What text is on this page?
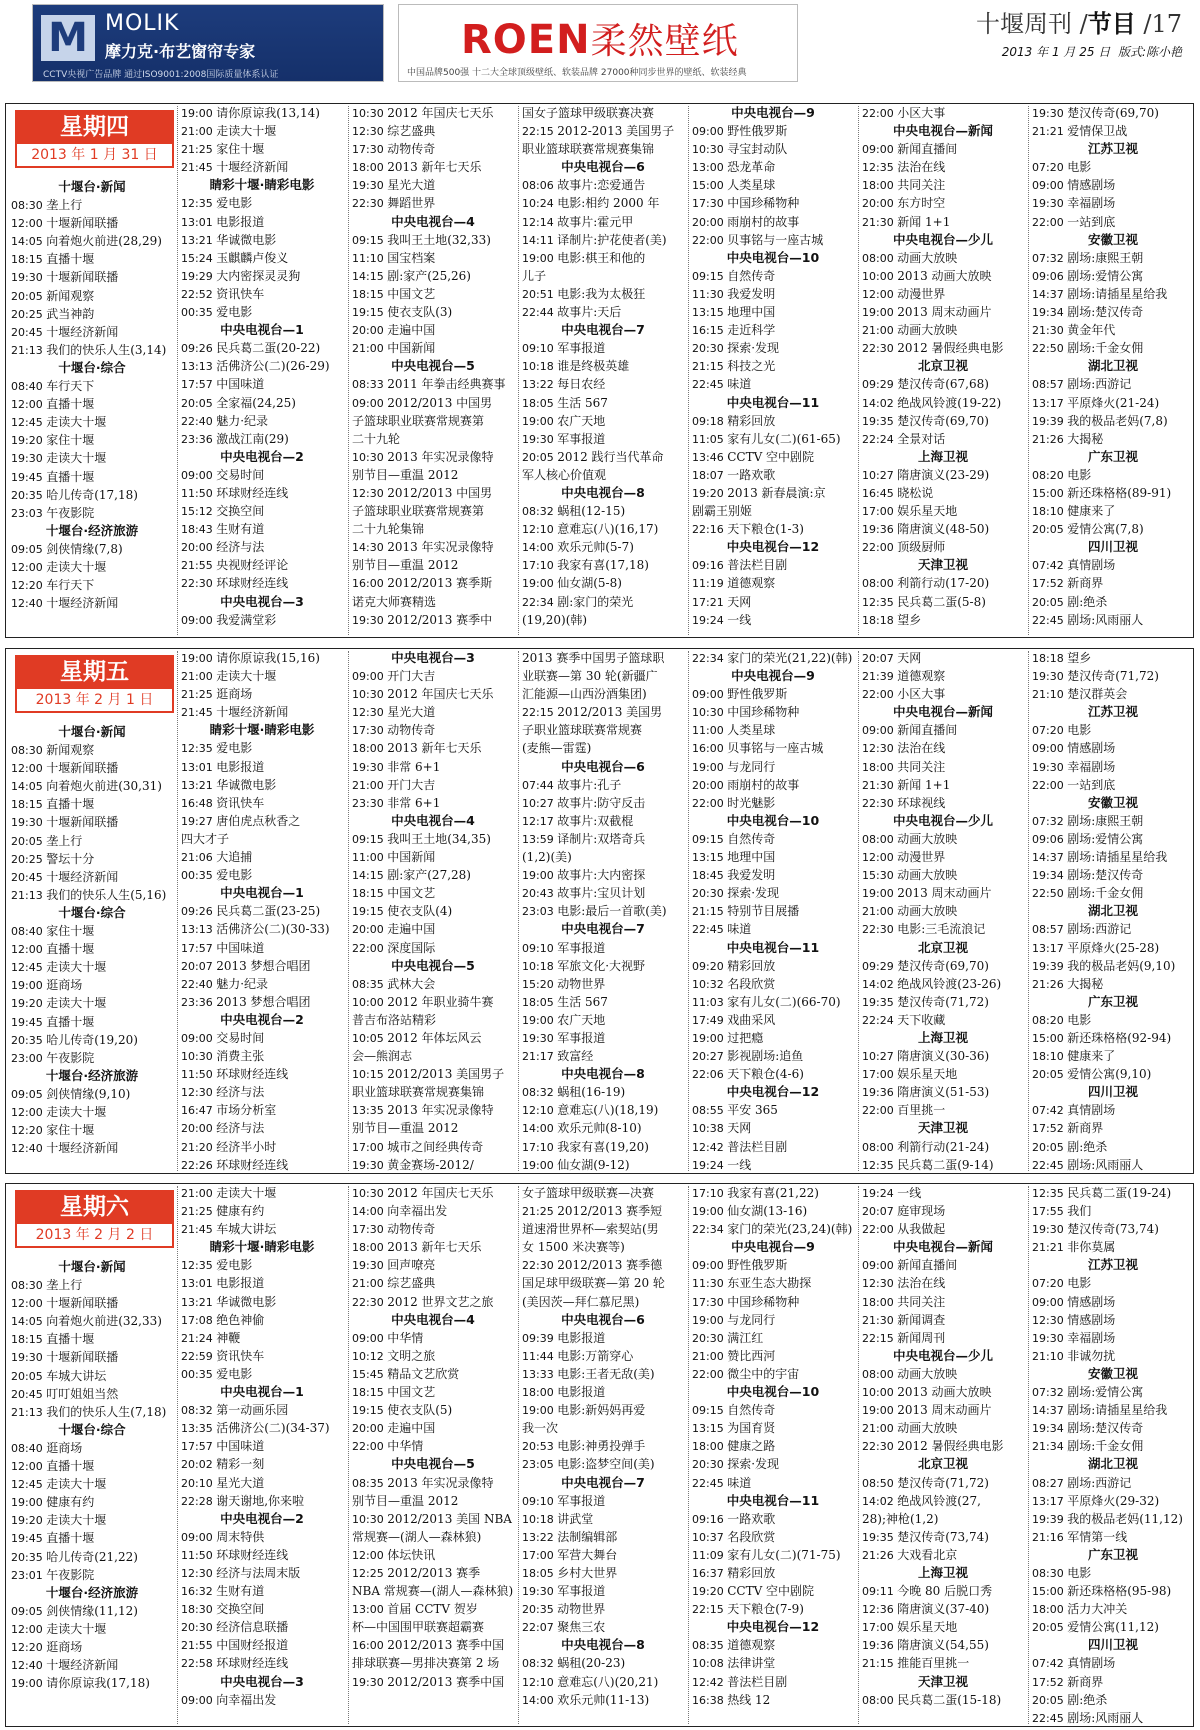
M MOLIK
摩力克·布艺窗帘专家
CCTV央视广告品牌 通过ISO9001:2008国际质量体系认证
ROEN柔然壁纸
中国品牌500强 十二大全球顶级壁纸、软装品牌 27000种同步世界的壁纸、软装经典
十堰周刊 /节目 /17
2013 年 1 月 25 日 版式:陈小艳
星期四
2013 年 1 月 31 日
十堰台·新闻
08:30 垄上行
12:00 十堰新闻联播
14:05 向着炮火前进(28,29)
18:15 直播十堰
19:30 十堰新闻联播
20:05 新闻观察
20:25 武当神韵
20:45 十堰经济新闻
21:13 我们的快乐人生(3,14)
十堰台·综合
08:40 车行天下
12:00 直播十堰
12:45 走读大十堰
19:20 家住十堰
19:30 走读大十堰
19:45 直播十堰
20:35 哈儿传奇(17,18)
23:03 午夜影院
十堰台·经济旅游
09:05 剑侠情缘(7,8)
12:00 走读大十堰
12:20 车行天下
12:40 十堰经济新闻
19:00 请你原谅我(13,14)
21:00 走读大十堰
21:25 家住十堰
21:45 十堰经济新闻
睛彩十堰·睛彩电影
12:35 爱电影
13:01 电影报道
13:21 华诚微电影
15:24 玉麒麟卢俊义
19:29 大内密探灵灵狗
22:52 资讯快车
00:35 爱电影
中央电视台—1
09:26 民兵葛二蛋(20-22)
13:13 活佛济公(二)(26-29)
17:57 中国味道
20:05 全家福(24,25)
22:40 魅力·纪录
23:36 激战江南(29)
中央电视台—2
09:00 交易时间
11:50 环球财经连线
15:12 交换空间
18:43 生财有道
20:00 经济与法
21:55 央视财经评论
22:30 环球财经连线
中央电视台—3
09:00 我爱满堂彩
10:30 2012 年国庆七天乐
12:30 综艺盛典
17:30 动物传奇
18:00 2013 新年七天乐
19:30 星光大道
22:30 舞蹈世界
中央电视台—4
09:15 我叫王土地(32,33)
11:10 国宝档案
14:15 剧:家产(25,26)
18:15 中国文艺
19:15 使衣支队(3)
20:00 走遍中国
21:00 中国新闻
中央电视台—5
08:33 2011 年拳击经典赛事
09:00 2012/2013 中国男
子篮球职业联赛常规赛第
二十九轮
10:30 2013 年实况录像特
别节目—重温 2012
12:30 2012/2013 中国男
子篮球职业联赛常规赛第
二十九轮集锦
14:30 2013 年实况录像特
别节目—重温 2012
16:00 2012/2013 赛季斯
诺克大师赛精选
19:30 2012/2013 赛季中
国女子篮球甲级联赛决赛
22:15 2012-2013 美国男子
职业篮球联赛常规赛集锦
中央电视台—6
08:06 故事片:恋爱通告
10:24 电影:相约 2000 年
12:14 故事片:霍元甲
14:11 译制片:护花使者(美)
19:00 电影:棋王和他的
儿子
20:51 电影:我为太极狂
22:44 故事片:天后
中央电视台—7
09:10 军事报道
10:18 谁是终极英雄
13:22 每日农经
18:05 生活 567
19:00 农广天地
19:30 军事报道
20:05 2012 践行当代革命
军人核心价值观
中央电视台—8
08:32 蜗租(12-15)
12:10 意难忘(八)(16,17)
14:00 欢乐元帅(5-7)
17:10 我家有喜(17,18)
19:00 仙女湖(5-8)
22:34 剧:家门的荣光
(19,20)(韩)
中央电视台—9
09:00 野性俄罗斯
10:30 寻宝封动队
13:00 恐龙革命
15:00 人类星球
17:30 中国珍稀物种
20:00 雨崩村的故事
22:00 贝事铭与一座古城
中央电视台—10
09:15 自然传奇
11:30 我爱发明
13:15 地理中国
16:15 走近科学
20:30 探索·发现
21:15 科技之光
22:45 味道
中央电视台—11
09:18 精彩回放
11:05 家有儿女(二)(61-65)
13:46 CCTV 空中剧院
18:07 一路欢歌
19:20 2013 新春晨演:京
剧霸王别姬
22:16 天下粮仓(1-3)
中央电视台—12
09:16 普法栏目剧
11:19 道德观察
17:21 天网
19:24 一线
22:00 小区大事
中央电视台—新闻
09:00 新闻直播间
12:35 法治在线
18:00 共同关注
20:00 东方时空
21:30 新闻 1+1
中央电视台—少儿
08:00 动画大放映
10:00 2013 动画大放映
12:00 动漫世界
19:00 2013 周末动画片
21:00 动画大放映
22:30 2012 暑假经典电影
北京卫视
09:29 楚汉传奇(67,68)
14:02 绝战风铃渡(19-22)
19:35 楚汉传奇(69,70)
22:24 全景对话
上海卫视
10:27 隋唐演义(23-29)
16:45 晓松说
17:00 娱乐星天地
19:36 隋唐演义(48-50)
22:00 顶级厨师
天津卫视
08:00 利箭行动(17-20)
12:35 民兵葛二蛋(5-8)
18:18 望乡
19:30 楚汉传奇(69,70)
21:21 爱情保卫战
江苏卫视
07:20 电影
09:00 情感剧场
19:30 幸福剧场
22:00 一站到底
安徽卫视
07:32 剧场:康熙王朝
09:06 剧场:爱情公寓
14:37 剧场:请插星星给我
19:34 剧场:楚汉传奇
21:30 黄金年代
22:50 剧场:千金女佣
湖北卫视
08:57 剧场:西游记
13:17 平原烽火(21-24)
19:39 我的极品老妈(7,8)
21:26 大揭秘
广东卫视
08:20 电影
15:00 新还珠格格(89-91)
18:10 健康来了
20:05 爱情公寓(7,8)
四川卫视
07:42 真情剧场
17:52 新商界
20:05 剧:绝杀
22:45 剧场:风雨丽人
星期五
2013 年 2 月 1 日
十堰台·新闻
08:30 新闻观察
12:00 十堰新闻联播
14:05 向着炮火前进(30,31)
18:15 直播十堰
19:30 十堰新闻联播
20:05 垄上行
20:25 警坛十分
20:45 十堰经济新闻
21:13 我们的快乐人生(5,16)
十堰台·综合
08:40 家住十堰
12:00 直播十堰
12:45 走读大十堰
19:00 逛商场
19:20 走读大十堰
19:45 直播十堰
20:35 哈儿传奇(19,20)
23:00 午夜影院
十堰台·经济旅游
09:05 剑侠情缘(9,10)
12:00 走读大十堰
12:20 家住十堰
12:40 十堰经济新闻
19:00 请你原谅我(15,16)
21:00 走读大十堰
21:25 逛商场
21:45 十堰经济新闻
睛彩十堰·睛彩电影
12:35 爱电影
13:01 电影报道
13:21 华诚微电影
16:48 资讯快车
19:27 唐伯虎点秋香之
四大才子
21:06 大追捕
00:35 爱电影
中央电视台—1
09:26 民兵葛二蛋(23-25)
13:13 活佛济公(二)(30-33)
17:57 中国味道
20:07 2013 梦想合唱团
22:40 魅力·纪录
23:36 2013 梦想合唱团
中央电视台—2
09:00 交易时间
10:30 消费主张
11:50 环球财经连线
12:30 经济与法
16:47 市场分析室
20:00 经济与法
21:20 经济半小时
22:26 环球财经连线
中央电视台—3
09:00 开门大吉
10:30 2012 年国庆七天乐
12:30 星光大道
17:30 动物传奇
18:00 2013 新年七天乐
19:30 非常 6+1
21:00 开门大吉
23:30 非常 6+1
中央电视台—4
09:15 我叫王土地(34,35)
11:00 中国新闻
14:15 剧:家产(27,28)
18:15 中国文艺
19:15 使衣支队(4)
20:00 走遍中国
22:00 深度国际
中央电视台—5
08:35 武林大会
10:00 2012 年职业骑牛赛
普吉布洛站精彩
10:05 2012 年体坛风云
会—熊润志
10:15 2012/2013 美国男子
职业篮球联赛常规赛集锦
13:35 2013 年实况录像特
别节目—重温 2012
17:00 城市之间经典传奇
19:30 黄金赛场-2012/
2013 赛季中国男子篮球职
业联赛—第 30 轮(新疆广
汇能源—山西汾酒集团)
22:15 2012/2013 美国男
子职业篮球联赛常规赛
(麦熊—雷霆)
中央电视台—6
07:44 故事片:孔子
10:27 故事片:防守反击
12:17 故事片:双截棍
13:59 译制片:双塔奇兵
(1,2)(美)
19:00 故事片:大内密探
20:43 故事片:宝贝计划
23:03 电影:最后一首歌(美)
中央电视台—7
09:10 军事报道
10:18 军旅文化·大视野
15:20 动物世界
18:05 生活 567
19:00 农广天地
19:30 军事报道
21:17 致富经
中央电视台—8
08:32 蜗租(16-19)
12:10 意难忘(八)(18,19)
14:00 欢乐元帅(8-10)
17:10 我家有喜(19,20)
19:00 仙女湖(9-12)
22:34 家门的荣光(21,22)(韩)
中央电视台—9
09:00 野性俄罗斯
10:30 中国珍稀物种
11:00 人类星球
16:00 贝事铭与一座古城
19:00 与龙同行
20:00 雨崩村的故事
22:00 时光魅影
中央电视台—10
09:15 自然传奇
13:15 地理中国
18:45 我爱发明
20:30 探索·发现
21:15 特别节目展播
22:45 味道
中央电视台—11
09:20 精彩回放
10:32 名段欣赏
11:03 家有儿女(二)(66-70)
17:49 戏曲采风
19:00 过把瘾
20:27 影视剧场:追鱼
22:06 天下粮仓(4-6)
中央电视台—12
08:55 平安 365
10:38 天网
12:42 普法栏目剧
19:24 一线
20:07 天网
21:39 道德观察
22:00 小区大事
中央电视台—新闻
09:00 新闻直播间
12:30 法治在线
18:00 共同关注
21:30 新闻 1+1
22:30 环球视线
中央电视台—少儿
08:00 动画大放映
12:00 动漫世界
15:30 动画大放映
19:00 2013 周末动画片
21:00 动画大放映
22:30 电影:三毛流浪记
北京卫视
09:29 楚汉传奇(69,70)
14:02 绝战风铃渡(23-26)
19:35 楚汉传奇(71,72)
22:24 天下收藏
上海卫视
10:27 隋唐演义(30-36)
17:00 娱乐星天地
19:36 隋唐演义(51-53)
22:00 百里挑一
天津卫视
08:00 利箭行动(21-24)
12:35 民兵葛二蛋(9-14)
18:18 望乡
19:30 楚汉传奇(71,72)
21:10 楚汉群英会
江苏卫视
07:20 电影
09:00 情感剧场
19:30 幸福剧场
22:00 一站到底
安徽卫视
07:32 剧场:康熙王朝
09:06 剧场:爱情公寓
14:37 剧场:请插星星给我
19:34 剧场:楚汉传奇
22:50 剧场:千金女佣
湖北卫视
08:57 剧场:西游记
13:17 平原烽火(25-28)
19:39 我的极品老妈(9,10)
21:26 大揭秘
广东卫视
08:20 电影
15:00 新还珠格格(92-94)
18:10 健康来了
20:05 爱情公寓(9,10)
四川卫视
07:42 真情剧场
17:52 新商界
20:05 剧:绝杀
22:45 剧场:风雨丽人
星期六
2013 年 2 月 2 日
十堰台·新闻
08:30 垄上行
12:00 十堰新闻联播
14:05 向着炮火前进(32,33)
18:15 直播十堰
19:30 十堰新闻联播
20:05 车城大讲坛
20:45 叮叮姐姐当然
21:13 我们的快乐人生(7,18)
十堰台·综合
08:40 逛商场
12:00 直播十堰
12:45 走读大十堰
19:00 健康有约
19:20 走读大十堰
19:45 直播十堰
20:35 哈儿传奇(21,22)
23:01 午夜影院
十堰台·经济旅游
09:05 剑侠情缘(11,12)
12:00 走读大十堰
12:20 逛商场
12:40 十堰经济新闻
19:00 请你原谅我(17,18)
21:00 走读大十堰
21:25 健康有约
21:45 车城大讲坛
睛彩十堰·睛彩电影
12:35 爱电影
13:01 电影报道
13:21 华诚微电影
17:08 绝色神偷
21:24 神鞭
22:59 资讯快车
00:35 爱电影
中央电视台—1
08:32 第一动画乐园
13:35 活佛济公(二)(34-37)
17:57 中国味道
20:02 精彩一刻
20:10 星光大道
22:28 谢天谢地,你来啦
中央电视台—2
09:00 周末特供
11:50 环球财经连线
12:30 经济与法周末版
16:32 生财有道
18:30 交换空间
20:30 经济信息联播
21:55 中国财经报道
22:58 环球财经连线
中央电视台—3
09:00 向幸福出发
10:30 2012 年国庆七天乐
14:00 向幸福出发
17:30 动物传奇
18:00 2013 新年七天乐
19:30 回声嘹亮
21:00 综艺盛典
22:30 2012 世界文艺之旅
中央电视台—4
09:00 中华情
10:12 文明之旅
15:45 精品文艺欣赏
18:15 中国文艺
19:15 使衣支队(5)
20:00 走遍中国
22:00 中华情
中央电视台—5
08:35 2013 年实况录像特
别节目—重温 2012
10:30 2012/2013 美国 NBA
常规赛—(湖人—森林狼)
12:00 体坛快讯
12:25 2012/2013 赛季
NBA 常规赛—(湖人—森林狼)
13:00 首届 CCTV 贺岁
杯—中国围甲联赛超霸赛
16:00 2012/2013 赛季中国
排球联赛—男排决赛第 2 场
19:30 2012/2013 赛季中国
女子篮球甲级联赛—决赛
21:25 2012/2013 赛季短
道速滑世界杯—索契站(男
女 1500 米决赛等)
22:30 2012/2013 赛季德
国足球甲级联赛—第 20 轮
(美因茨—拜仁慕尼黑)
中央电视台—6
09:39 电影报道
11:44 电影:万箭穿心
13:33 电影:王者无敌(美)
18:00 电影报道
19:00 电影:新妈妈再爱
我一次
20:53 电影:神勇投弹手
23:05 电影:盗梦空间(美)
中央电视台—7
09:10 军事报道
10:18 讲武堂
13:22 法制编辑部
17:00 军营大舞台
18:05 乡村大世界
19:30 军事报道
20:35 动物世界
22:07 聚焦三农
中央电视台—8
08:32 蜗租(20-23)
12:10 意难忘(八)(20,21)
14:00 欢乐元帅(11-13)
17:10 我家有喜(21,22)
19:00 仙女湖(13-16)
22:34 家门的荣光(23,24)(韩)
中央电视台—9
09:00 野性俄罗斯
11:30 东亚生态大勘探
17:30 中国珍稀物种
19:00 与龙同行
20:30 满江红
21:00 赞比西河
22:00 微尘中的宇宙
中央电视台—10
09:15 自然传奇
13:15 为国育贤
18:00 健康之路
20:30 探索·发现
22:45 味道
中央电视台—11
09:16 一路欢歌
10:37 名段欣赏
11:09 家有儿女(二)(71-75)
16:37 精彩回放
19:20 CCTV 空中剧院
22:15 天下粮仓(7-9)
中央电视台—12
08:35 道德观察
10:08 法律讲堂
12:42 普法栏目剧
16:38 热线 12
19:24 一线
20:07 庭审现场
22:00 从我做起
中央电视台—新闻
09:00 新闻直播间
12:30 法治在线
18:00 共同关注
21:30 新闻调查
22:15 新闻周刊
中央电视台—少儿
08:00 动画大放映
10:00 2013 动画大放映
19:00 2013 周末动画片
21:00 动画大放映
22:30 2012 暑假经典电影
北京卫视
08:50 楚汉传奇(71,72)
14:02 绝战风铃渡(27,
28);神枪(1,2)
19:35 楚汉传奇(73,74)
21:26 大戏看北京
上海卫视
09:11 今晚 80 后脱口秀
12:36 隋唐演义(37-40)
17:00 娱乐星天地
19:36 隋唐演义(54,55)
21:15 推能百里挑一
天津卫视
08:00 民兵葛二蛋(15-18)
12:35 民兵葛二蛋(19-24)
17:55 我们
19:30 楚汉传奇(73,74)
21:21 非你莫属
江苏卫视
07:20 电影
09:00 情感剧场
12:30 情感剧场
19:30 幸福剧场
21:10 非诚勿扰
安徽卫视
07:32 剧场:爱情公寓
14:37 剧场:请插星星给我
19:34 剧场:楚汉传奇
21:34 剧场:千金女佣
湖北卫视
08:27 剧场:西游记
13:17 平原烽火(29-32)
19:39 我的极品老妈(11,12)
21:16 军情第一线
广东卫视
08:30 电影
15:00 新还珠格格(95-98)
18:00 活力大冲关
20:05 爱情公寓(11,12)
四川卫视
07:42 真情剧场
17:52 新商界
20:05 剧:绝杀
22:45 剧场:风雨丽人
